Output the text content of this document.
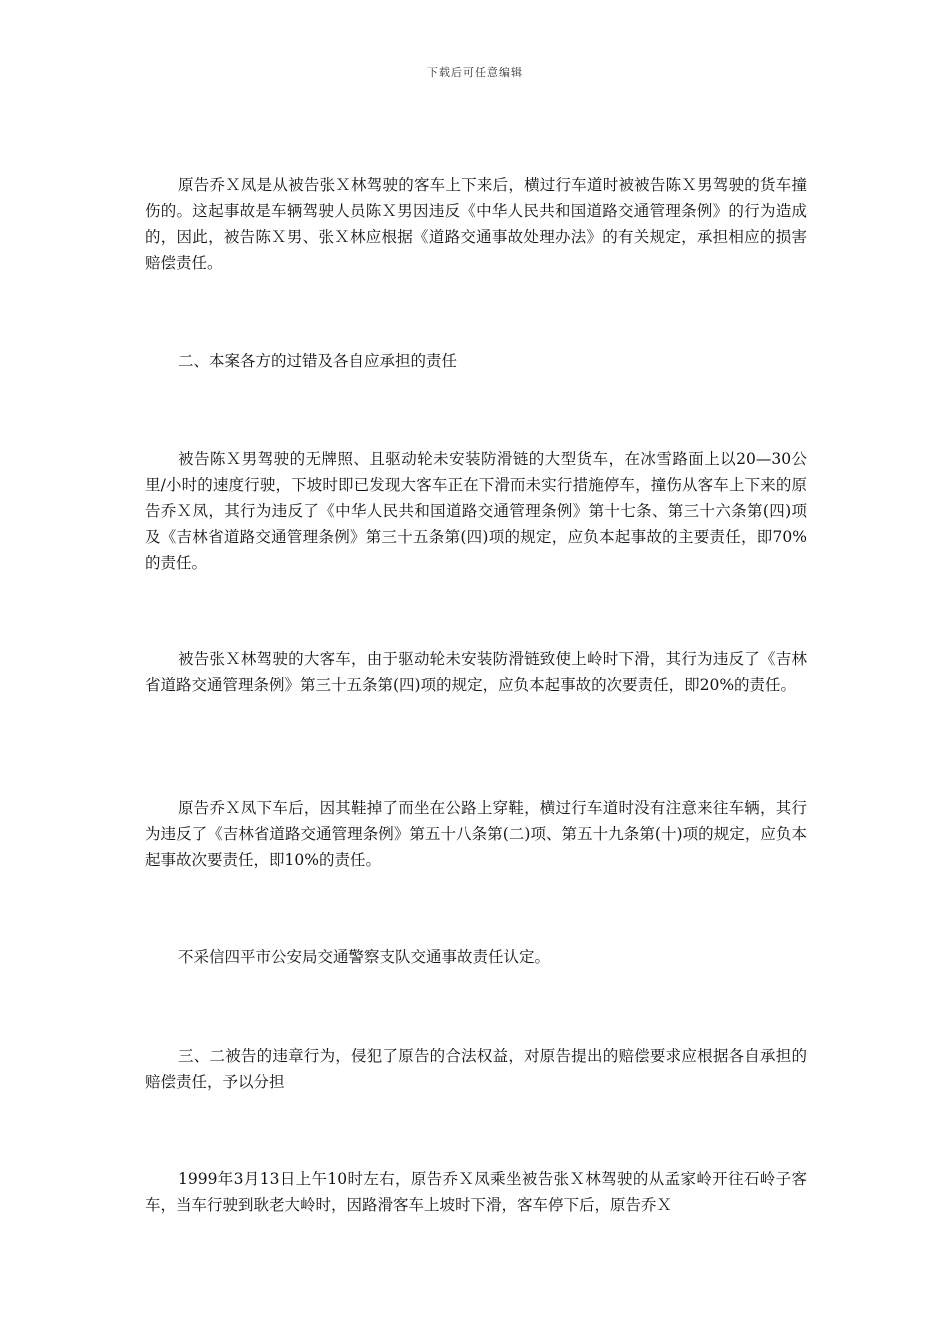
下载后可任意编辑

原告乔Ｘ凤是从被告张Ｘ林驾驶的客车上下来后，横过行车道时被被告陈Ｘ男驾驶的货车撞伤的。这起事故是车辆驾驶人员陈Ｘ男因违反《中华人民共和国道路交通管理条例》的行为造成的，因此，被告陈Ｘ男、张Ｘ林应根据《道路交通事故处理办法》的有关规定，承担相应的损害赔偿责任。

二、本案各方的过错及各自应承担的责任

被告陈Ｘ男驾驶的无牌照、且驱动轮未安装防滑链的大型货车，在冰雪路面上以20—30公里/小时的速度行驶，下坡时即已发现大客车正在下滑而未实行措施停车，撞伤从客车上下来的原告乔Ｘ凤，其行为违反了《中华人民共和国道路交通管理条例》第十七条、第三十六条第(四)项及《吉林省道路交通管理条例》第三十五条第(四)项的规定，应负本起事故的主要责任，即70%的责任。

被告张Ｘ林驾驶的大客车，由于驱动轮未安装防滑链致使上岭时下滑，其行为违反了《吉林省道路交通管理条例》第三十五条第(四)项的规定，应负本起事故的次要责任，即20%的责任。

原告乔Ｘ凤下车后，因其鞋掉了而坐在公路上穿鞋，横过行车道时没有注意来往车辆，其行为违反了《吉林省道路交通管理条例》第五十八条第(二)项、第五十九条第(十)项的规定，应负本起事故次要责任，即10%的责任。

不采信四平市公安局交通警察支队交通事故责任认定。

三、二被告的违章行为，侵犯了原告的合法权益，对原告提出的赔偿要求应根据各自承担的赔偿责任，予以分担

1999年3月13日上午10时左右，原告乔Ｘ凤乘坐被告张Ｘ林驾驶的从孟家岭开往石岭子客车，当车行驶到耿老大岭时，因路滑客车上坡时下滑，客车停下后，原告乔Ｘ
